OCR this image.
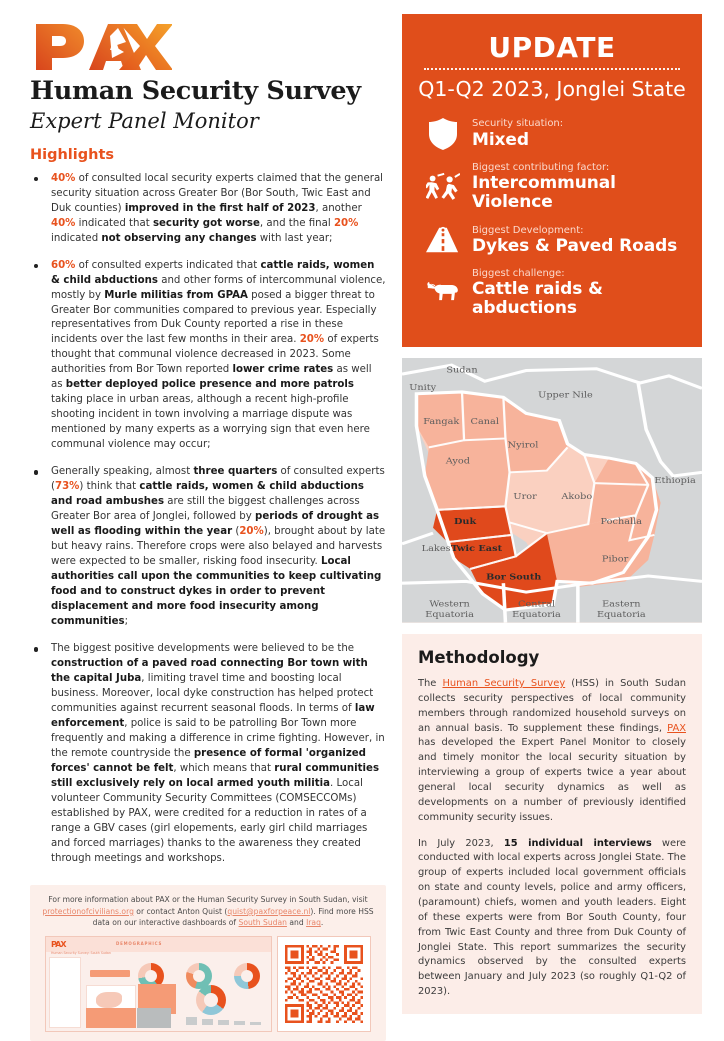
Human Security Survey
Expert Panel Monitor
Highlights
40% of consulted local security experts claimed that the general security situation across Greater Bor (Bor South, Twic East and Duk counties) improved in the first half of 2023, another 40% indicated that security got worse, and the final 20% indicated not observing any changes with last year;
60% of consulted experts indicated that cattle raids, women & child abductions and other forms of intercommunal violence, mostly by Murle militias from GPAA posed a bigger threat to Greater Bor communities compared to previous year. Especially representatives from Duk County reported a rise in these incidents over the last few months in their area. 20% of experts thought that communal violence decreased in 2023. Some authorities from Bor Town reported lower crime rates as well as better deployed police presence and more patrols taking place in urban areas, although a recent high-profile shooting incident in town involving a marriage dispute was mentioned by many experts as a worrying sign that even here communal violence may occur;
Generally speaking, almost three quarters of consulted experts (73%) think that cattle raids, women & child abductions and road ambushes are still the biggest challenges across Greater Bor area of Jonglei, followed by periods of drought as well as flooding within the year (20%), brought about by late but heavy rains. Therefore crops were also belayed and harvests were expected to be smaller, risking food insecurity. Local authorities call upon the communities to keep cultivating food and to construct dykes in order to prevent displacement and more food insecurity among communities;
The biggest positive developments were believed to be the construction of a paved road connecting Bor town with the capital Juba, limiting travel time and boosting local business. Moreover, local dyke construction has helped protect communities against recurrent seasonal floods. In terms of law enforcement, police is said to be patrolling Bor Town more frequently and making a difference in crime fighting. However, in the remote countryside the presence of formal 'organized forces' cannot be felt, which means that rural communities still exclusively rely on local armed youth militia. Local volunteer Community Security Committees (COMSECCOMs) established by PAX, were credited for a reduction in rates of a range a GBV cases (girl elopements, early girl child marriages and forced marriages) thanks to the awareness they created through meetings and workshops.

For more information about PAX or the Human Security Survey in South Sudan, visit protectionofcivilians.org or contact Anton Quist (quist@paxforpeace.nl). Find more HSS data on our interactive dashboards of South Sudan and Iraq.

DEMOGRAPHICS
PAX
Human Security Survey: South Sudan
UPDATE
Q1-Q2 2023, Jonglei State
Security situation:
Mixed
Biggest contributing factor:
Intercommunal Violence
Biggest Development:
Dykes & Paved Roads
Biggest challenge:
Cattle raids & abductions
Sudan
Unity
Upper Nile
Ethiopia
Lakes
Western
Equatoria
Central
Equatoria
Eastern
Equatoria
Fangak Canal
Nyirol
Ayod
Uror	Akobo
Pochalla
Pibor
Duk
Twic East
Bor South
Methodology

The Human Security Survey (HSS) in South Sudan collects security perspectives of local community members through randomized household surveys on an annual basis. To supplement these findings, PAX has developed the Expert Panel Monitor to closely and timely monitor the local security situation by interviewing a group of experts twice a year about general local security dynamics as well as developments on a number of previously identified community security issues.

In July 2023, 15 individual interviews were conducted with local experts across Jonglei State. The group of experts included local government officials on state and county levels, police and army officers, (paramount) chiefs, women and youth leaders. Eight of these experts were from Bor South County, four from Twic East County and three from Duk County of Jonglei State. This report summarizes the security dynamics observed by the consulted experts between January and July 2023 (so roughly Q1-Q2 of 2023).
